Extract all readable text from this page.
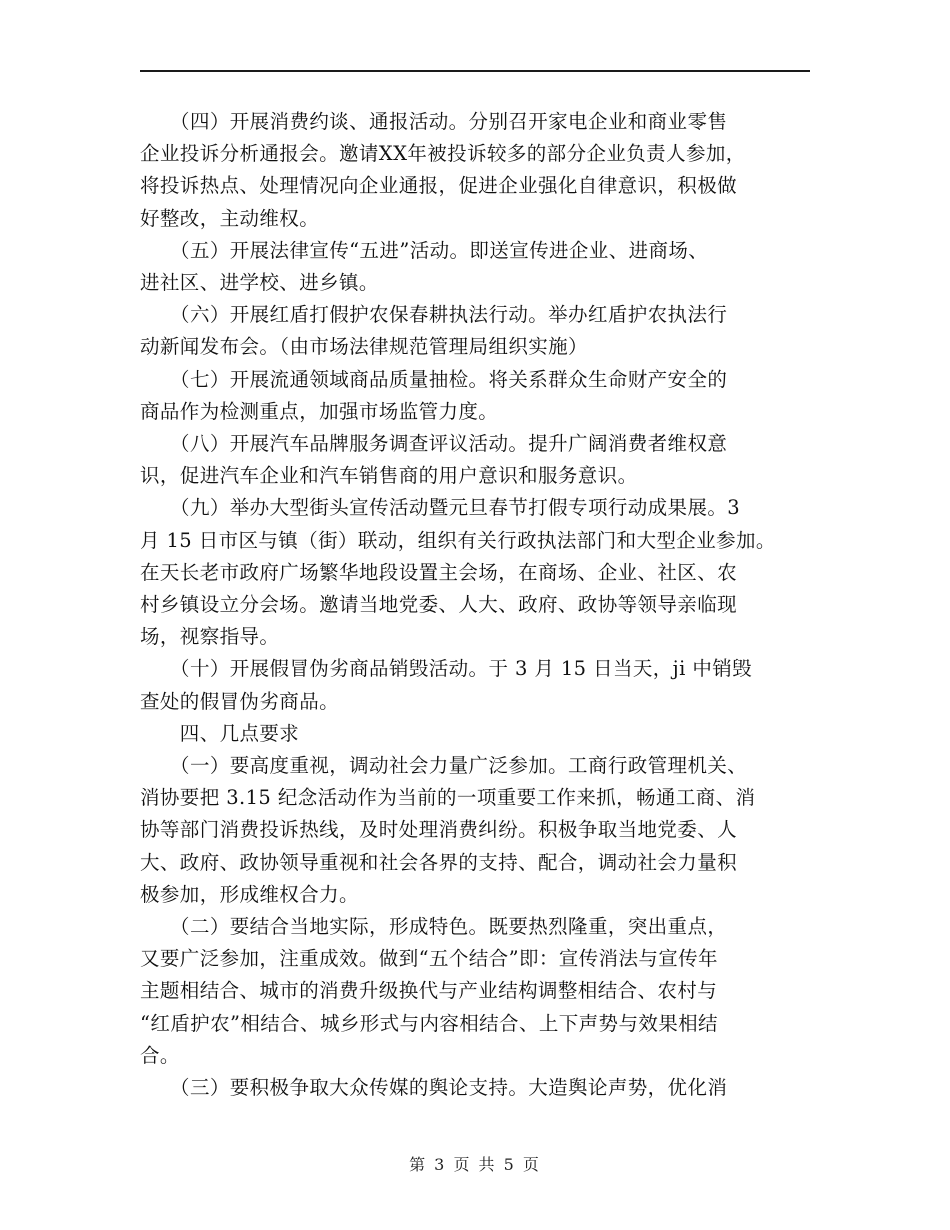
　　（四）开展消费约谈、通报活动。分别召开家电企业和商业零售
企业投诉分析通报会。邀请XX年被投诉较多的部分企业负责人参加，
将投诉热点、处理情况向企业通报，促进企业强化自律意识，积极做
好整改，主动维权。

　　（五）开展法律宣传“五进”活动。即送宣传进企业、进商场、
进社区、进学校、进乡镇。

　　（六）开展红盾打假护农保春耕执法行动。举办红盾护农执法行
动新闻发布会。（由市场法律规范管理局组织实施）

　　（七）开展流通领域商品质量抽检。将关系群众生命财产安全的
商品作为检测重点，加强市场监管力度。

　　（八）开展汽车品牌服务调查评议活动。提升广阔消费者维权意
识，促进汽车企业和汽车销售商的用户意识和服务意识。

　　（九）举办大型街头宣传活动暨元旦春节打假专项行动成果展。3
月 15 日市区与镇（街）联动，组织有关行政执法部门和大型企业参加。
在天长老市政府广场繁华地段设置主会场，在商场、企业、社区、农
村乡镇设立分会场。邀请当地党委、人大、政府、政协等领导亲临现
场，视察指导。

　　（十）开展假冒伪劣商品销毁活动。于 3 月 15 日当天，ji 中销毁
查处的假冒伪劣商品。

　　四、几点要求

　　（一）要高度重视，调动社会力量广泛参加。工商行政管理机关、
消协要把 3.15 纪念活动作为当前的一项重要工作来抓，畅通工商、消
协等部门消费投诉热线，及时处理消费纠纷。积极争取当地党委、人
大、政府、政协领导重视和社会各界的支持、配合，调动社会力量积
极参加，形成维权合力。

　　（二）要结合当地实际，形成特色。既要热烈隆重，突出重点，
又要广泛参加，注重成效。做到“五个结合”即：宣传消法与宣传年
主题相结合、城市的消费升级换代与产业结构调整相结合、农村与
“红盾护农”相结合、城乡形式与内容相结合、上下声势与效果相结
合。

　　（三）要积极争取大众传媒的舆论支持。大造舆论声势，优化消

第 3 页 共 5 页
